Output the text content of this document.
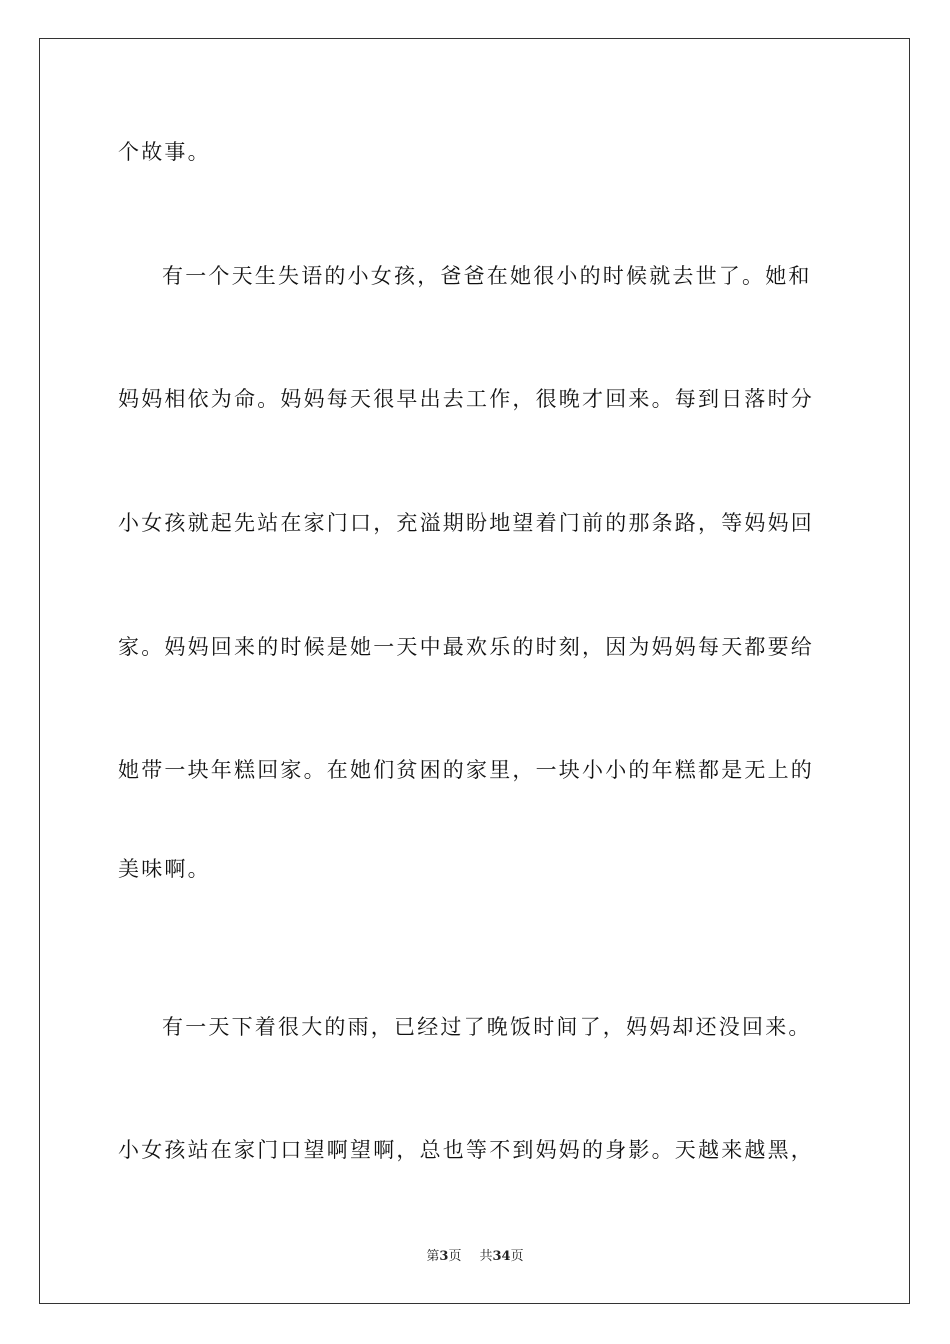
个故事。
有一个天生失语的小女孩，爸爸在她很小的时候就去世了。她和
妈妈相依为命。妈妈每天很早出去工作，很晚才回来。每到日落时分
小女孩就起先站在家门口，充溢期盼地望着门前的那条路，等妈妈回
家。妈妈回来的时候是她一天中最欢乐的时刻，因为妈妈每天都要给
她带一块年糕回家。在她们贫困的家里，一块小小的年糕都是无上的
美味啊。
有一天下着很大的雨，已经过了晚饭时间了，妈妈却还没回来。
小女孩站在家门口望啊望啊，总也等不到妈妈的身影。天越来越黑，
第3页 共34页
